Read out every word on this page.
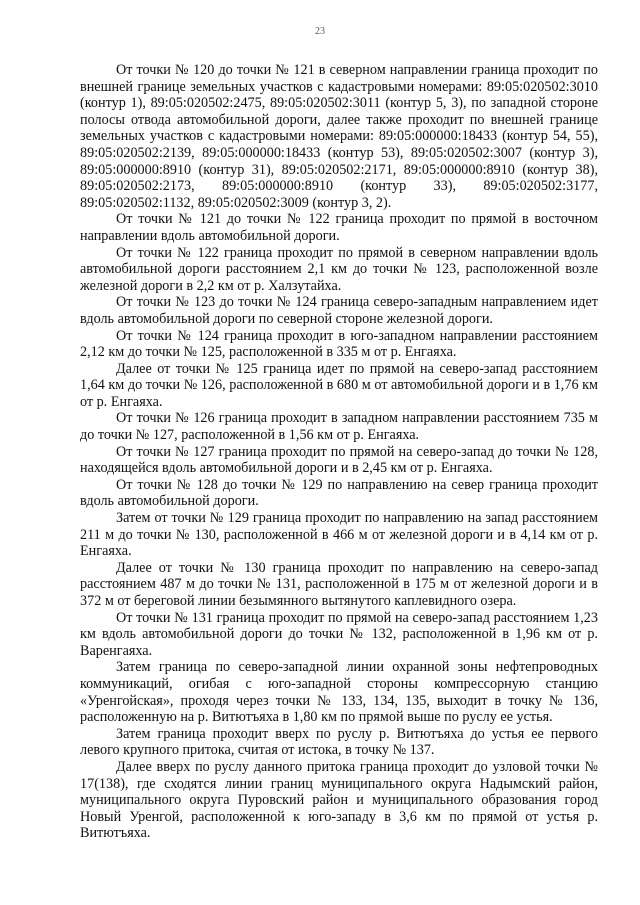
23

От точки № 120 до точки № 121 в северном направлении граница проходит по внешней границе земельных участков с кадастровыми номерами: 89:05:020502:3010 (контур 1), 89:05:020502:2475, 89:05:020502:3011 (контур 5, 3), по западной стороне полосы отвода автомобильной дороги, далее также проходит по внешней границе земельных участков с кадастровыми номерами: 89:05:000000:18433 (контур 54, 55), 89:05:020502:2139, 89:05:000000:18433 (контур 53), 89:05:020502:3007 (контур 3), 89:05:000000:8910 (контур 31), 89:05:020502:2171, 89:05:000000:8910 (контур 38), 89:05:020502:2173, 89:05:000000:8910 (контур 33), 89:05:020502:3177, 89:05:020502:1132, 89:05:020502:3009 (контур 3, 2).

От точки № 121 до точки № 122 граница проходит по прямой в восточном направлении вдоль автомобильной дороги.

От точки № 122 граница проходит по прямой в северном направлении вдоль автомобильной дороги расстоянием 2,1 км до точки № 123, расположенной возле железной дороги в 2,2 км от р. Халзутайха.

От точки № 123 до точки № 124 граница северо-западным направлением идет вдоль автомобильной дороги по северной стороне железной дороги.

От точки № 124 граница проходит в юго-западном направлении расстоянием 2,12 км до точки № 125, расположенной в 335 м от р. Енгаяха.

Далее от точки № 125 граница идет по прямой на северо-запад расстоянием 1,64 км до точки № 126, расположенной в 680 м от автомобильной дороги и в 1,76 км от р. Енгаяха.

От точки № 126 граница проходит в западном направлении расстоянием 735 м до точки № 127, расположенной в 1,56 км от р. Енгаяха.

От точки № 127 граница проходит по прямой на северо-запад до точки № 128, находящейся вдоль автомобильной дороги и в 2,45 км от р. Енгаяха.

От точки № 128 до точки № 129 по направлению на север граница проходит вдоль автомобильной дороги.

Затем от точки № 129 граница проходит по направлению на запад расстоянием 211 м до точки № 130, расположенной в 466 м от железной дороги и в 4,14 км от р. Енгаяха.

Далее от точки № 130 граница проходит по направлению на северо-запад расстоянием 487 м до точки № 131, расположенной в 175 м от железной дороги и в 372 м от береговой линии безымянного вытянутого каплевидного озера.

От точки № 131 граница проходит по прямой на северо-запад расстоянием 1,23 км вдоль автомобильной дороги до точки № 132, расположенной в 1,96 км от р. Варенгаяха.

Затем граница по северо-западной линии охранной зоны нефтепроводных коммуникаций, огибая с юго-западной стороны компрессорную станцию «Уренгойская», проходя через точки № 133, 134, 135, выходит в точку № 136, расположенную на р. Витютъяха в 1,80 км по прямой выше по руслу ее устья.

Затем граница проходит вверх по руслу р. Витютъяха до устья ее первого левого крупного притока, считая от истока, в точку № 137.

Далее вверх по руслу данного притока граница проходит до узловой точки № 17(138), где сходятся линии границ муниципального округа Надымский район, муниципального округа Пуровский район и муниципального образования город Новый Уренгой, расположенной к юго-западу в 3,6 км по прямой от устья р. Витютъяха.
